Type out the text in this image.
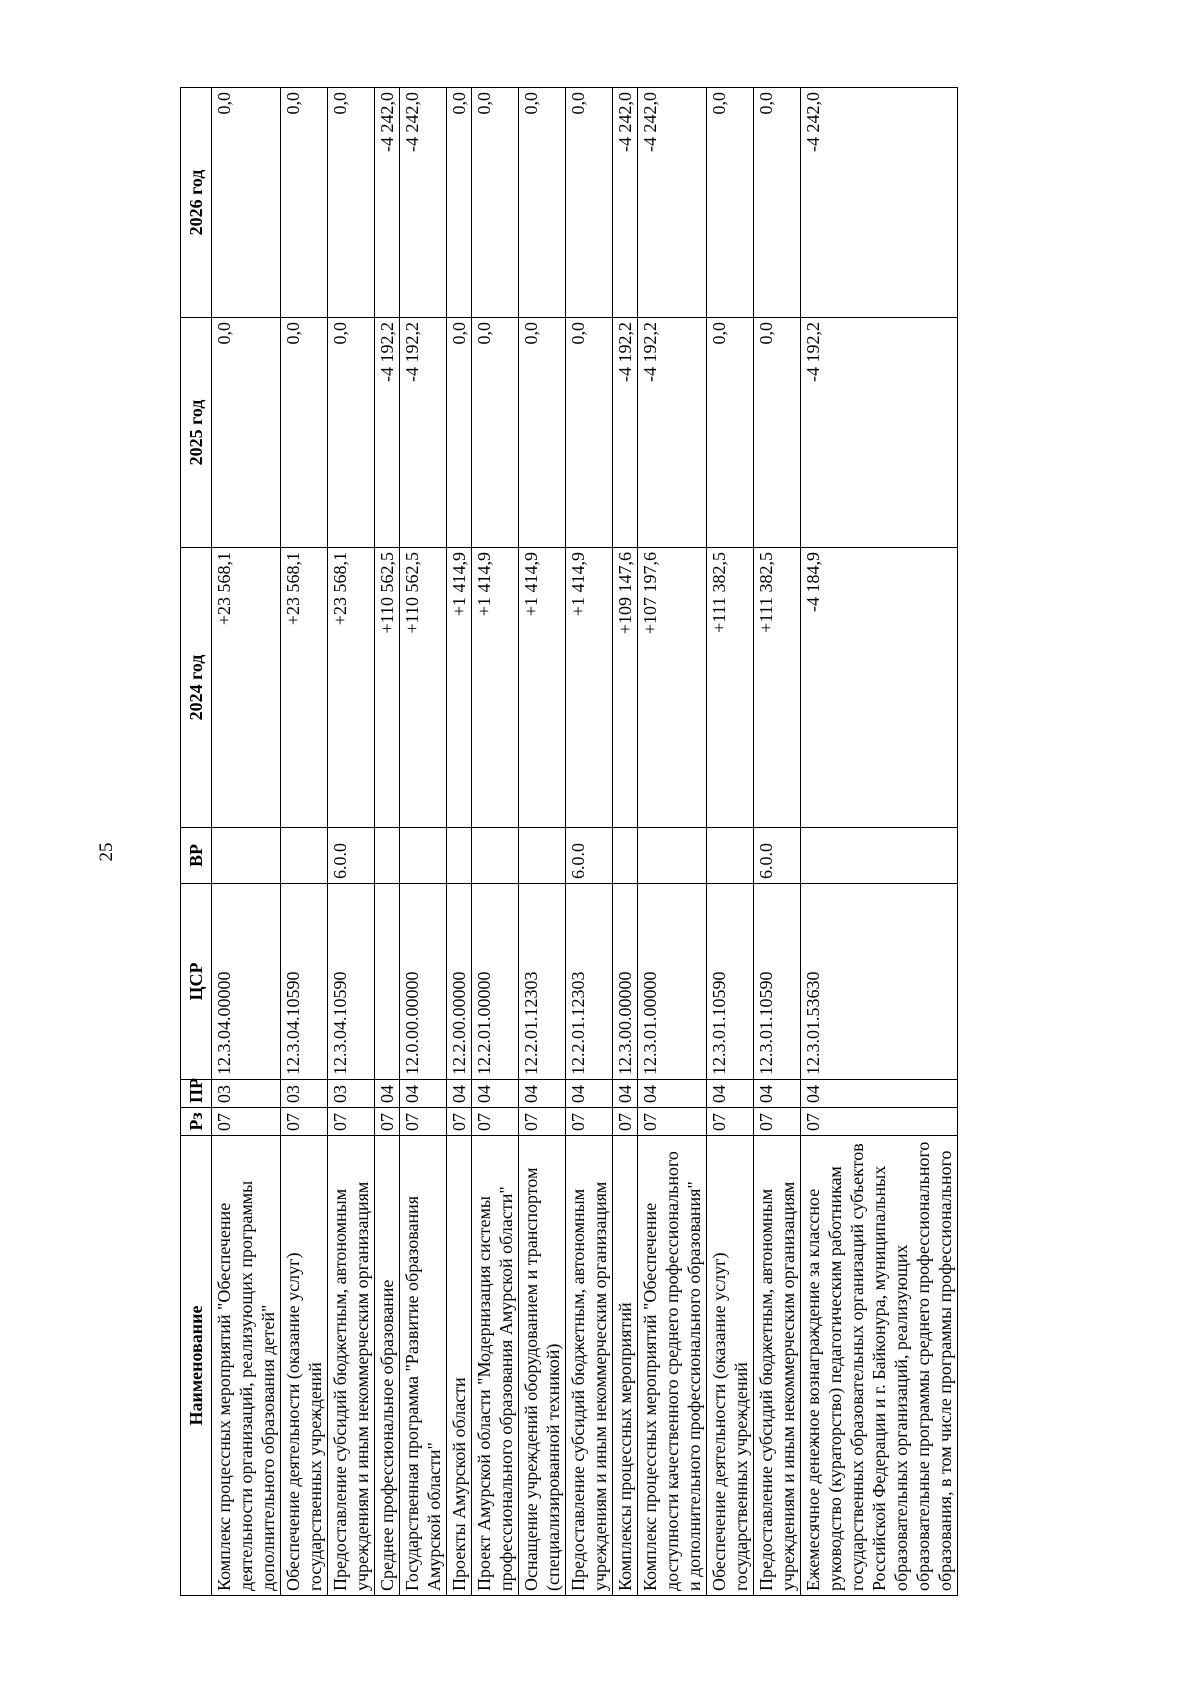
25
Наименование	Рз	ПР	ЦСР	ВР	2024 год	2025 год	2026 год
Комплекс процессных мероприятий "Обеспечение деятельности организаций, реализующих программы дополнительного образования детей"	07	03	12.3.04.00000		+23 568,1	0,0	0,0
Обеспечение деятельности (оказание услуг) государственных учреждений	07	03	12.3.04.10590		+23 568,1	0,0	0,0
Предоставление субсидий бюджетным, автономным учреждениям и иным некоммерческим организациям	07	03	12.3.04.10590	6.0.0	+23 568,1	0,0	0,0
Среднее профессиональное образование	07	04			+110 562,5	-4 192,2	-4 242,0
Государственная программа "Развитие образования Амурской области"	07	04	12.0.00.00000		+110 562,5	-4 192,2	-4 242,0
Проекты Амурской области	07	04	12.2.00.00000		+1 414,9	0,0	0,0
Проект Амурской области "Модернизация системы профессионального образования Амурской области"	07	04	12.2.01.00000		+1 414,9	0,0	0,0
Оснащение учреждений оборудованием и транспортом (специализированной техникой)	07	04	12.2.01.12303		+1 414,9	0,0	0,0
Предоставление субсидий бюджетным, автономным учреждениям и иным некоммерческим организациям	07	04	12.2.01.12303	6.0.0	+1 414,9	0,0	0,0
Комплексы процессных мероприятий	07	04	12.3.00.00000		+109 147,6	-4 192,2	-4 242,0
Комплекс процессных мероприятий "Обеспечение доступности качественного среднего профессионального и дополнительного профессионального образования"	07	04	12.3.01.00000		+107 197,6	-4 192,2	-4 242,0
Обеспечение деятельности (оказание услуг) государственных учреждений	07	04	12.3.01.10590		+111 382,5	0,0	0,0
Предоставление субсидий бюджетным, автономным учреждениям и иным некоммерческим организациям	07	04	12.3.01.10590	6.0.0	+111 382,5	0,0	0,0
Ежемесячное денежное вознаграждение за классное руководство (кураторство) педагогическим работникам государственных образовательных организаций субъектов Российской Федерации и г. Байконура, муниципальных образовательных организаций, реализующих образовательные программы среднего профессионального образования, в том числе программы профессионального	07	04	12.3.01.53630		-4 184,9	-4 192,2	-4 242,0
